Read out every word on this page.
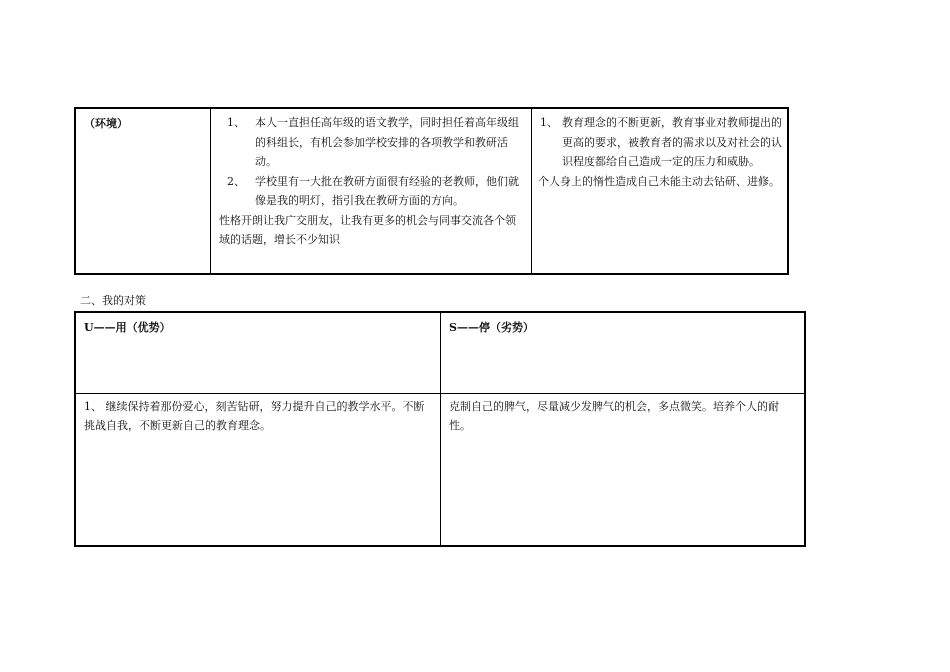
（环境）	1、 本人一直担任高年级的语文教学，同时担任着高年级组的科组长，有机会参加学校安排的各项教学和教研活动。
2、 学校里有一大批在教研方面很有经验的老教师，他们就像是我的明灯，指引我在教研方面的方向。
性格开朗让我广交朋友，让我有更多的机会与同事交流各个领域的话题，增长不少知识
1、 教育理念的不断更新，教育事业对教师提出的更高的要求，被教育者的需求以及对社会的认识程度都给自己造成一定的压力和威胁。
个人身上的惰性造成自己未能主动去钻研、进修。
二、我的对策
U——用（优势）	S——停（劣势）
1、 继续保持着那份爱心，刻苦钻研，努力提升自己的教学水平。不断挑战自我，不断更新自己的教育理念。
克制自己的脾气，尽量减少发脾气的机会，多点微笑。培养个人的耐性。
